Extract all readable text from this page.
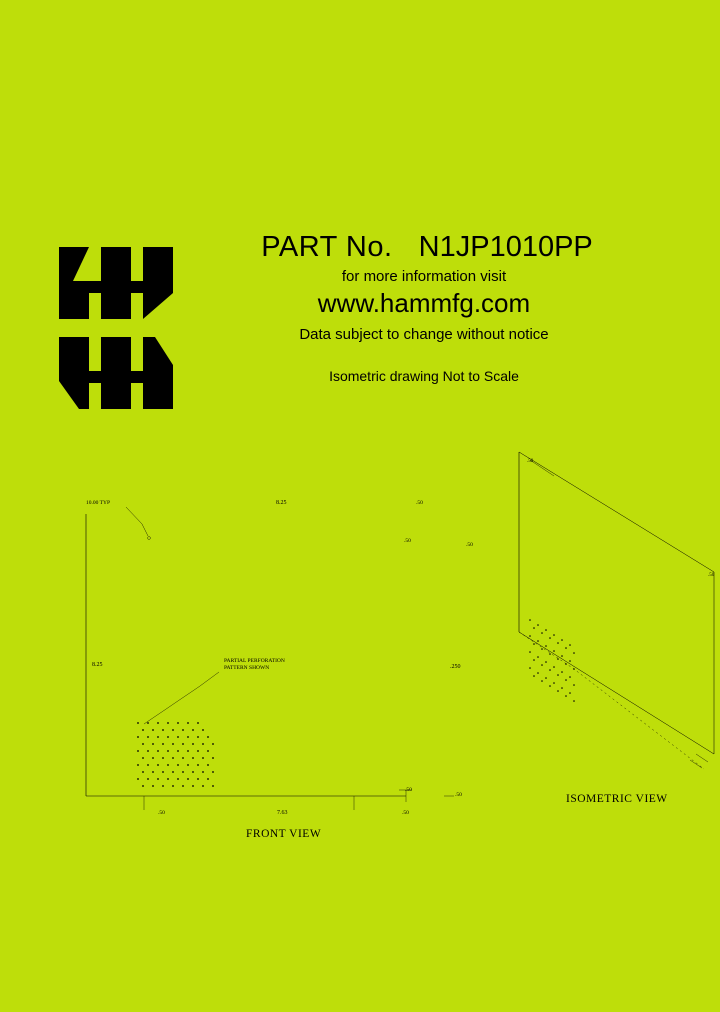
PART No. N1JP1010PP
for more information visit
www.hammfg.com
Data subject to change without notice
Isometric drawing Not to Scale
10.00 TYP	8.25	.50
.50
.50
8.25	.250
.50
.50
.50	7.63	.50
PARTIAL PERFORATION
PATTERN SHOWN
.50
.50
FRONT VIEW
ISOMETRIC VIEW
